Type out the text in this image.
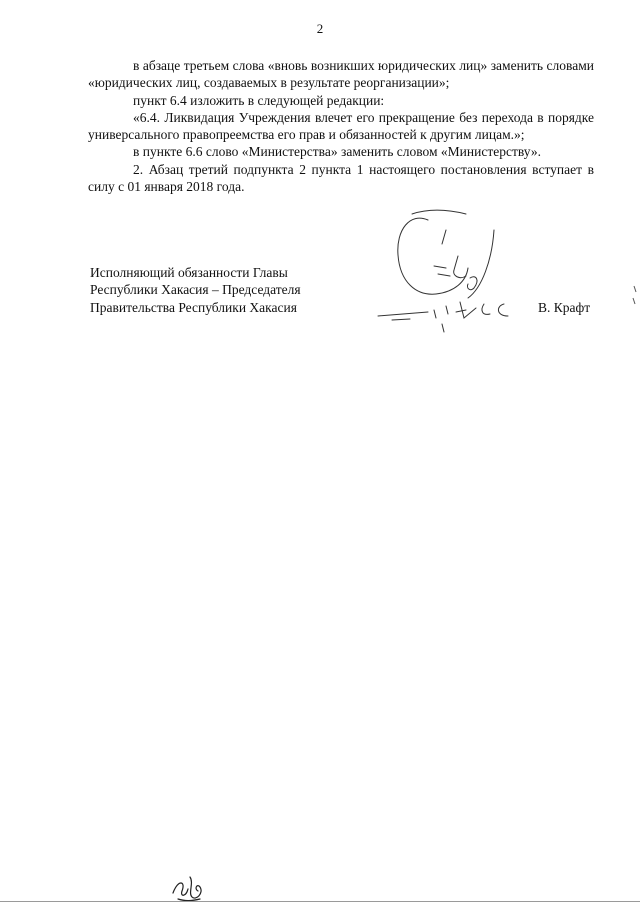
2

в абзаце третьем слова «вновь возникших юридических лиц» заменить словами «юридических лиц, создаваемых в результате реорганизации»;

пункт 6.4 изложить в следующей редакции:

«6.4. Ликвидация Учреждения влечет его прекращение без перехода в порядке универсального правопреемства его прав и обязанностей к другим лицам.»;

в пункте 6.6 слово «Министерства» заменить словом «Министерству».

2. Абзац третий подпункта 2 пункта 1 настоящего постановления вступает в силу с 01 января 2018 года.

Исполняющий обязанности Главы
Республики Хакасия – Председателя
Правительства Республики Хакасия	В. Крафт
